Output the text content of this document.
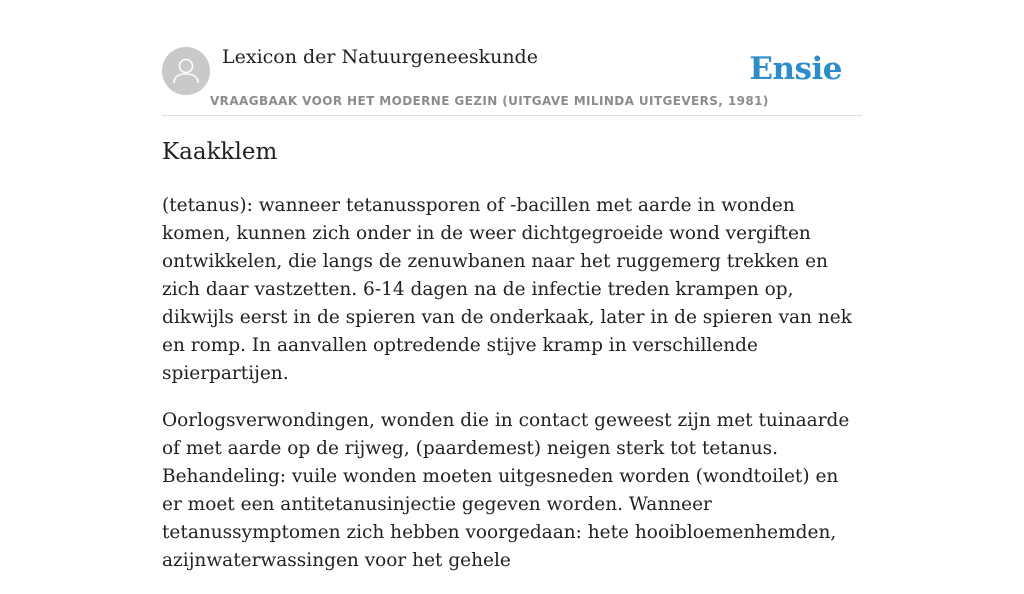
Lexicon der Natuurgeneeskunde
VRAAGBAAK VOOR HET MODERNE GEZIN (UITGAVE MILINDA UITGEVERS, 1981)
Ensie
Kaakklem

(tetanus): wanneer tetanussporen of -bacillen met aarde in wonden komen, kunnen zich onder in de weer dichtgegroeide wond vergiften ontwikkelen, die langs de zenuwbanen naar het ruggemerg trekken en zich daar vastzetten. 6-14 dagen na de infectie treden krampen op, dikwijls eerst in de spieren van de onderkaak, later in de spieren van nek en romp. In aanvallen optredende stijve kramp in verschillende spierpartijen.

Oorlogsverwondingen, wonden die in contact geweest zijn met tuinaarde of met aarde op de rijweg, (paardemest) neigen sterk tot tetanus. Behandeling: vuile wonden moeten uitgesneden worden (wondtoilet) en er moet een antitetanusinjectie gegeven worden. Wanneer tetanussymptomen zich hebben voorgedaan: hete hooibloemenhemden, azijnwaterwassingen voor het gehele
